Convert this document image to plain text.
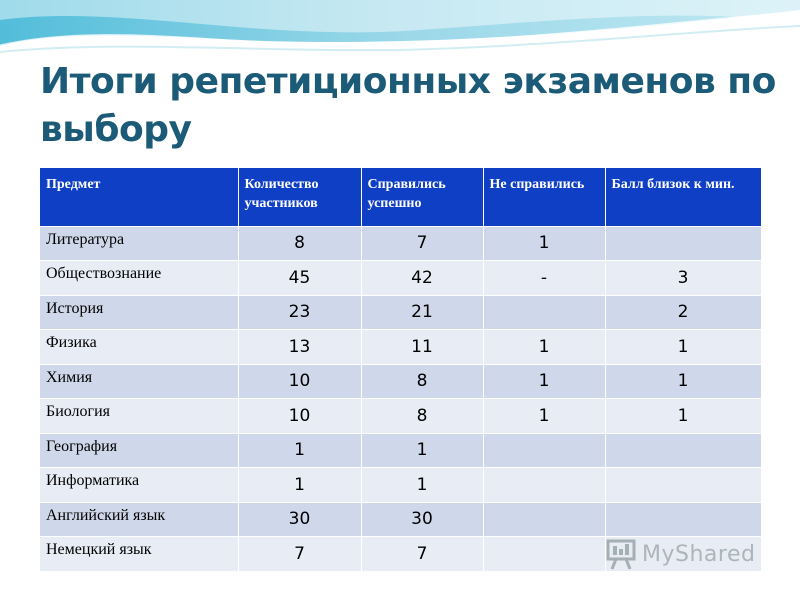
Итоги репетиционных экзаменов по выбору
Предмет	Количество участников	Справились успешно	Не справились	Балл близок к мин.
Литература	8	7	1	
Обществознание	45	42	-	3
История	23	21		2
Физика	13	11	1	1
Химия	10	8	1	1
Биология	10	8	1	1
География	1	1		
Информатика	1	1		
Английский язык	30	30		
Немецкий язык	7	7			MyShared
